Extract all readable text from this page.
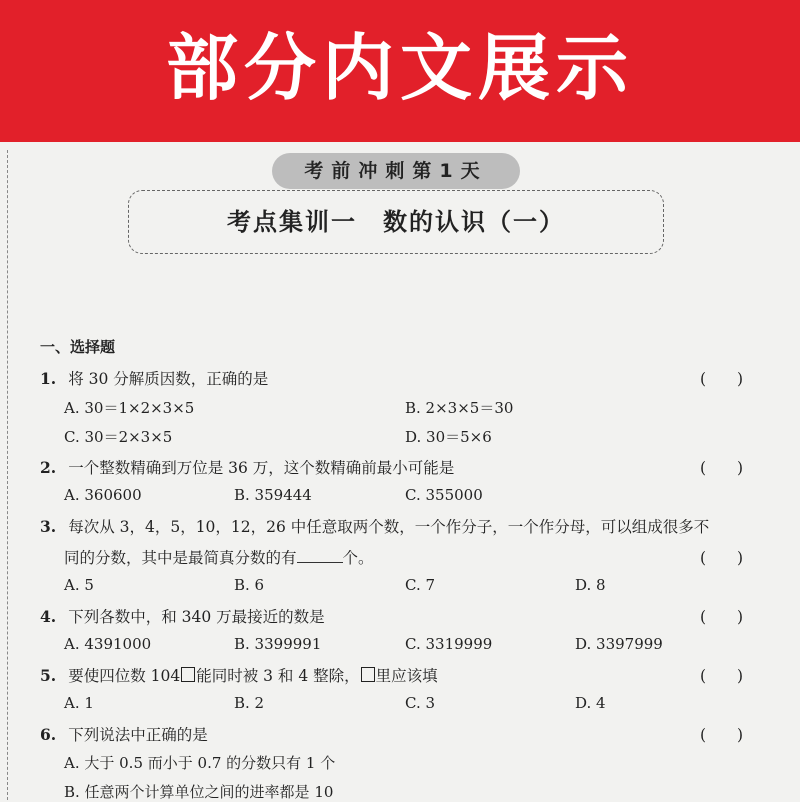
部分内文展示
考前冲刺第1天
考点集训一　数的认识（一）
一、选择题
1. 将 30 分解质因数，正确的是	(　　)
A. 30＝1×2×3×5	B. 2×3×5＝30
C. 30＝2×3×5	D. 30＝5×6
2. 一个整数精确到万位是 36 万，这个数精确前最小可能是	(　　)
A. 360600	B. 359444	C. 355000
3. 每次从 3，4，5，10，12，26 中任意取两个数，一个作分子，一个作分母，可以组成很多不
同的分数，其中是最简真分数的有	个。	(　　)
A. 5	B. 6	C. 7	D. 8
4. 下列各数中，和 340 万最接近的数是	(　　)
A. 4391000	B. 3399991	C. 3319999	D. 3397999
5. 要使四位数 104 能同时被 3 和 4 整除， 里应该填	(　　)
A. 1	B. 2	C. 3	D. 4
6. 下列说法中正确的是	(　　)
A. 大于 0.5 而小于 0.7 的分数只有 1 个
B. 任意两个计算单位之间的进率都是 10
